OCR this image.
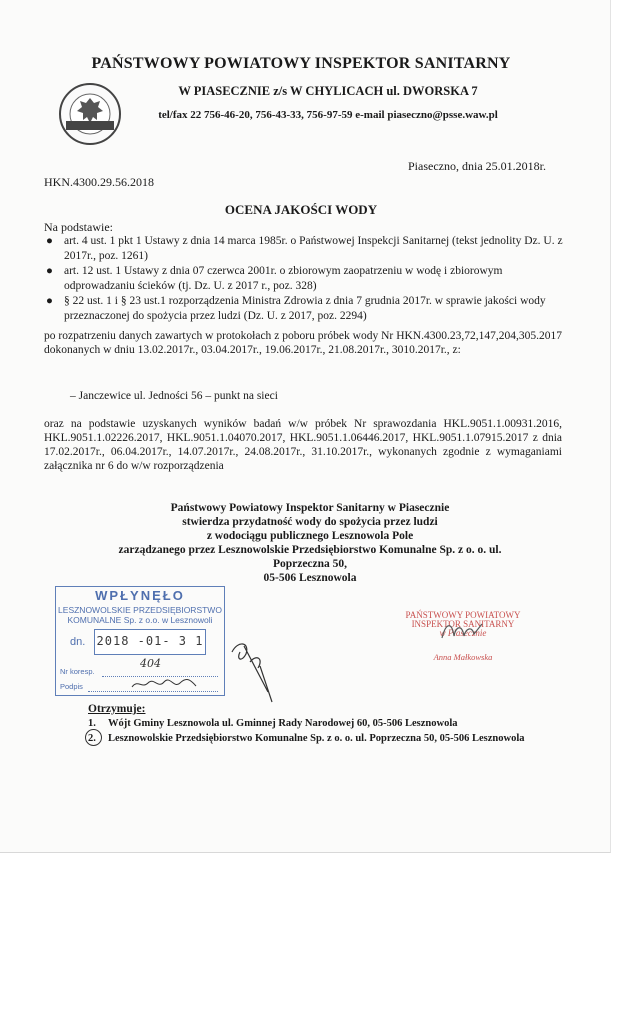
PAŃSTWOWY POWIATOWY INSPEKTOR SANITARNY
W PIASECZNIE z/s W CHYLICACH ul. DWORSKA 7
tel/fax 22 756-46-20, 756-43-33, 756-97-59 e-mail piaseczno@psse.waw.pl
Piaseczno, dnia 25.01.2018r.
HKN.4300.29.56.2018
OCENA JAKOŚCI WODY
Na podstawie:
● art. 4 ust. 1 pkt 1 Ustawy z dnia 14 marca 1985r. o Państwowej Inspekcji Sanitarnej (tekst jednolity Dz. U. z 2017r., poz. 1261)
● art. 12 ust. 1 Ustawy z dnia 07 czerwca 2001r. o zbiorowym zaopatrzeniu w wodę i zbiorowym odprowadzaniu ścieków (tj. Dz. U. z 2017 r., poz. 328)
● § 22 ust. 1 i § 23 ust.1 rozporządzenia Ministra Zdrowia z dnia 7 grudnia 2017r. w sprawie jakości wody przeznaczonej do spożycia przez ludzi (Dz. U. z 2017, poz. 2294)
po rozpatrzeniu danych zawartych w protokołach z poboru próbek wody Nr HKN.4300.23,72,147,204,305.2017 dokonanych w dniu 13.02.2017r., 03.04.2017r., 19.06.2017r., 21.08.2017r., 3010.2017r., z:
– Janczewice ul. Jedności 56 – punkt na sieci
oraz na podstawie uzyskanych wyników badań w/w próbek Nr sprawozdania HKL.9051.1.00931.2016, HKL.9051.1.02226.2017, HKL.9051.1.04070.2017, HKL.9051.1.06446.2017, HKL.9051.1.07915.2017 z dnia 17.02.2017r., 06.04.2017r., 14.07.2017r., 24.08.2017r., 31.10.2017r., wykonanych zgodnie z wymaganiami załącznika nr 6 do w/w rozporządzenia
Państwowy Powiatowy Inspektor Sanitarny w Piasecznie
stwierdza przydatność wody do spożycia przez ludzi
z wodociągu publicznego Lesznowola Pole
zarządzanego przez Lesznowolskie Przedsiębiorstwo Komunalne Sp. z o. o. ul. Poprzeczna 50,
05-506 Lesznowola
WPŁYNĘŁO
LESZNOWOLSKIE PRZEDSIĘBIORSTWO
KOMUNALNE Sp. z o.o. w Lesznowoli
dn. 2018 -01- 3 1
Nr koresp.
404
Podpis
PAŃSTWOWY POWIATOWY
INSPEKTOR SANITARNY
w Piasecznie
Anna Małkowska
Otrzymuje:
1. Wójt Gminy Lesznowola ul. Gminnej Rady Narodowej 60, 05-506 Lesznowola
2. Lesznowolskie Przedsiębiorstwo Komunalne Sp. z o. o. ul. Poprzeczna 50, 05-506 Lesznowola
